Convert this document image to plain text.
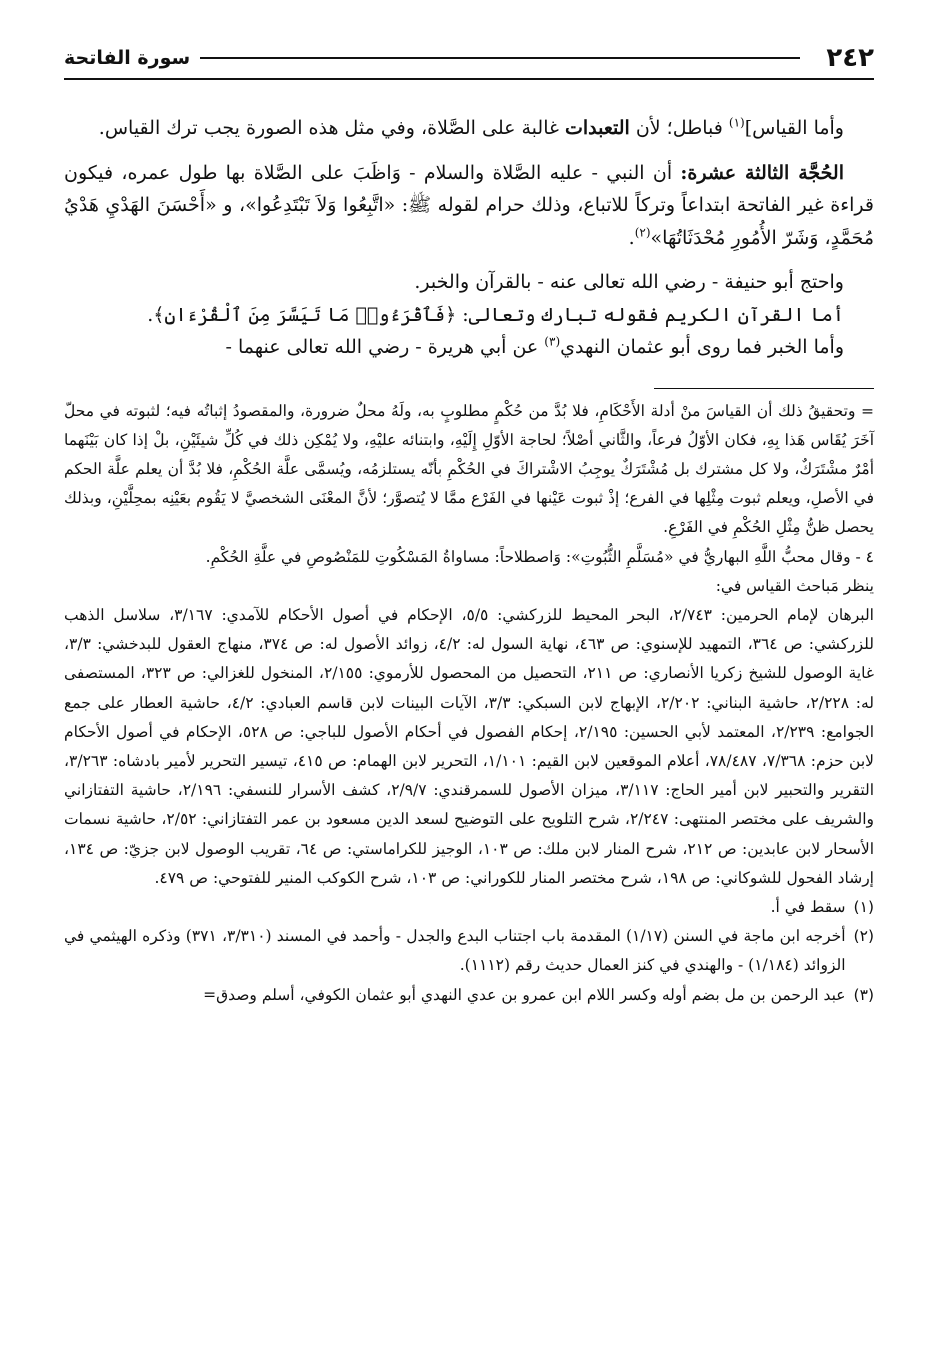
٢٤٢
سورة الفاتحة

وأما القياس]$^{(١)}$ فباطل؛ لأن التعبدات غالبة على الصَّلاة، وفي مثل هذه الصورة يجب ترك القياس.

الحُجَّة الثالثة عشرة: أن النبي - عليه الصَّلاة والسلام - وَاظَبَ على الصَّلاة بها طول عمره، فيكون قراءة غير الفاتحة ابتداعاً وتركاً للاتباع، وذلك حرام لقوله ﷺ: «اتَّبِعُوا وَلاَ تَبْتَدِعُوا»، و «أَحْسَنَ الهَدْيِ هَدْيُ مُحَمَّدٍ، وَشَرّ الأُمُورِ مُحْدَثَاتُهَا»$^{(٢)}$.

واحتج أبو حنيفة - رضي الله تعالى عنه - بالقرآن والخبر.

أما القرآن الكريم فقوله تبارك وتعالى: ﴿فَٱقْرَءُوا۟ مَا تَيَسَّرَ مِنَ ٱلْقُرْءَانِ﴾.

وأما الخبر فما روى أبو عثمان النهدي$^{(٣)}$ عن أبي هريرة - رضي الله تعالى عنهما -

= وتحقيقُ ذلك أن القياسَ منْ أدلة الأَحْكَامِ، فلا بُدَّ من حُكْمٍ مطلوبٍ به، ولَهُ محلٌ ضرورة، والمقصودُ إثباتُه فيه؛ لثبوته في محلّ آخَرَ يُقَاس هَذا بِهِ، فكان الأوّلُ فرعاً، والثَّاني أصْلاً؛ لحاجة الأوّلِ إِلَيْهِ، وابتنائه عليْهِ، ولا يُمْكِن ذلك في كُلِّ شيئَيْنِ، بلْ إذا كان بَيْنَهما أمْرٌ مشْتَرَكٌ، ولا كل مشترك بل مُشْتَرَكٌ يوجِبُ الاشْتراكَ في الحُكْمِ بأنّه يستلزمُه، ويُسمَّى علَّة الحُكْمِ، فلا بُدَّ أن يعلم علَّة الحكم في الأصلِ، ويعلم ثبوت مِثْلِها في الفرع؛ إذْ ثبوت عَيْنها في الفَرْع ممَّا لا يُتصوَّر؛ لأنَّ المعْنَى الشخصيَّ لا يَقُوم بعَيْنِه بمحِلَّيْنِ، وبذلك يحصل ظنُّ مِثْلِ الحُكْمِ في الفَرْعِ.

٤ - وقال محبُّ اللَّهِ البهاريُّ في «مُسَلَّمِ الثُّبُوتِ»: وَاصطلاحاً: مساواةُ المَسْكُوتِ للمَنْصُوصِ في علَّةِ الحُكْمِ.

ينظر مَباحث القياس في:

البرهان لإمام الحرمين: ٢/٧٤٣، البحر المحيط للزركشي: ٥/٥، الإحكام في أصول الأحكام للآمدي: ٣/١٦٧، سلاسل الذهب للزركشي: ص ٣٦٤، التمهيد للإسنوي: ص ٤٦٣، نهاية السول له: ٤/٢، زوائد الأصول له: ص ٣٧٤، منهاج العقول للبدخشي: ٣/٣، غاية الوصول للشيخ زكريا الأنصاري: ص ٢١١، التحصيل من المحصول للأرموي: ٢/١٥٥، المنخول للغزالي: ص ٣٢٣، المستصفى له: ٢/٢٢٨، حاشية البناني: ٢/٢٠٢، الإبهاج لابن السبكي: ٣/٣، الآيات البينات لابن قاسم العبادي: ٤/٢، حاشية العطار على جمع الجوامع: ٢/٢٣٩، المعتمد لأبي الحسين: ٢/١٩٥، إحكام الفصول في أحكام الأصول للباجي: ص ٥٢٨، الإحكام في أصول الأحكام لابن حزم: ٧/٣٦٨، ٧٨/٤٨٧، أعلام الموقعين لابن القيم: ١/١٠١، التحرير لابن الهمام: ص ٤١٥، تيسير التحرير لأمير بادشاه: ٣/٢٦٣، التقرير والتحبير لابن أمير الحاج: ٣/١١٧، ميزان الأصول للسمرقندي: ٢/٩/٧، كشف الأسرار للنسفي: ٢/١٩٦، حاشية التفتازاني والشريف على مختصر المنتهى: ٢/٢٤٧، شرح التلويح على التوضيح لسعد الدين مسعود بن عمر التفتازاني: ٢/٥٢، حاشية نسمات الأسحار لابن عابدين: ص ٢١٢، شرح المنار لابن ملك: ص ١٠٣، الوجيز للكراماستي: ص ٦٤، تقريب الوصول لابن جزيّ: ص ١٣٤، إرشاد الفحول للشوكاني: ص ١٩٨، شرح مختصر المنار للكوراني: ص ١٠٣، شرح الكوكب المنير للفتوحي: ص ٤٧٩.

(١)
سقط في أ.
(٢)
أخرجه ابن ماجة في السنن (١/١٧) المقدمة باب اجتناب البدع والجدل - وأحمد في المسند (٣/٣١٠، ٣٧١) وذكره الهيثمي في الزوائد (١/١٨٤) - والهندي في كنز العمال حديث رقم (١١١٢).
(٣)
عبد الرحمن بن مل بضم أوله وكسر اللام ابن عمرو بن عدي النهدي أبو عثمان الكوفي، أسلم وصدق=
